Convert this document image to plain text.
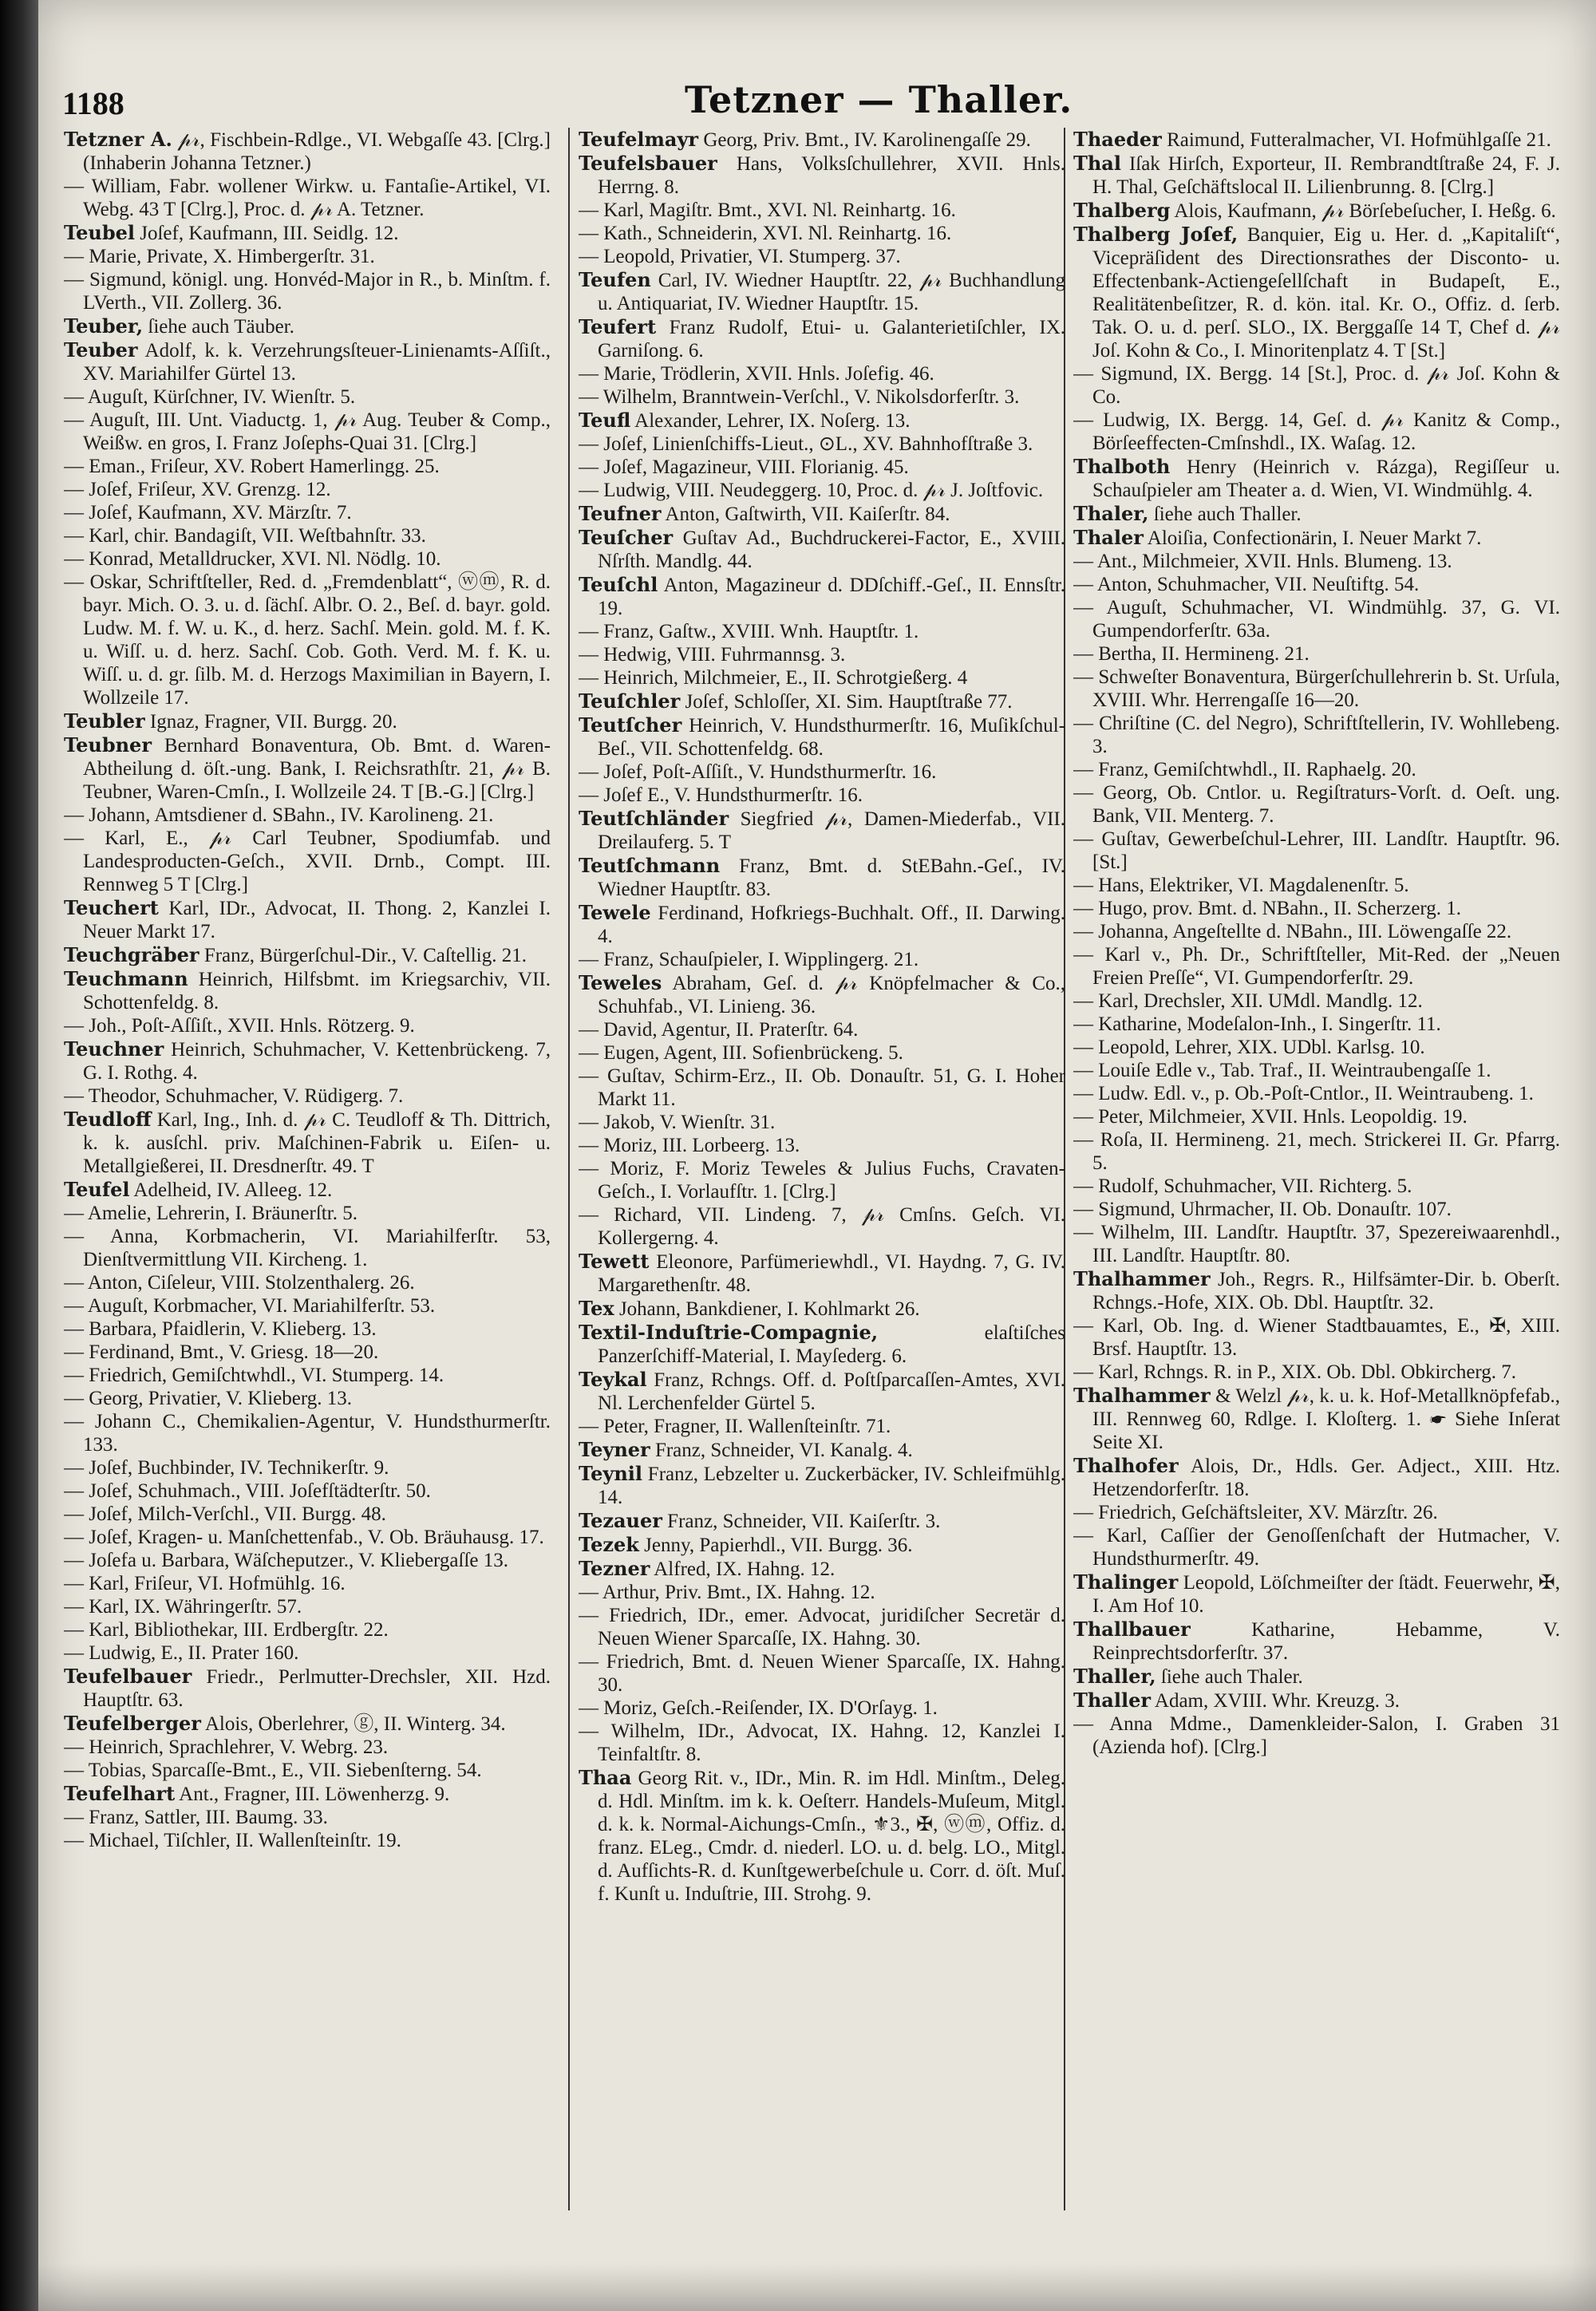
1188	Tetzner — Thaller.

Tetzner A. 𝓅𝓇, Fischbein-Rdlge., VI. Webgaſſe 43. [Clrg.] (Inhaberin Johanna Tetzner.)

— William, Fabr. wollener Wirkw. u. Fantaſie-Artikel, VI. Webg. 43 T [Clrg.], Proc. d. 𝓅𝓇 A. Tetzner.

Teubel Joſef, Kaufmann, III. Seidlg. 12.

— Marie, Private, X. Himbergerſtr. 31.

— Sigmund, königl. ung. Honvéd-Major in R., b. Minſtm. f. LVerth., VII. Zollerg. 36.

Teuber, ſiehe auch Täuber.

Teuber Adolf, k. k. Verzehrungsſteuer-Linienamts-Aſſiſt., XV. Mariahilfer Gürtel 13.

— Auguſt, Kürſchner, IV. Wienſtr. 5.

— Auguſt, III. Unt. Viaductg. 1, 𝓅𝓇 Aug. Teuber & Comp., Weißw. en gros, I. Franz Joſephs-Quai 31. [Clrg.]

— Eman., Friſeur, XV. Robert Hamerlingg. 25.

— Joſef, Friſeur, XV. Grenzg. 12.

— Joſef, Kaufmann, XV. Märzſtr. 7.

— Karl, chir. Bandagiſt, VII. Weſtbahnſtr. 33.

— Konrad, Metalldrucker, XVI. Nl. Nödlg. 10.

— Oskar, Schriftſteller, Red. d. „Fremdenblatt“, ⓦⓜ, R. d. bayr. Mich. O. 3. u. d. ſächſ. Albr. O. 2., Beſ. d. bayr. gold. Ludw. M. f. W. u. K., d. herz. Sachſ. Mein. gold. M. f. K. u. Wiſſ. u. d. herz. Sachſ. Cob. Goth. Verd. M. f. K. u. Wiſſ. u. d. gr. ſilb. M. d. Herzogs Maximilian in Bayern, I. Wollzeile 17.

Teubler Ignaz, Fragner, VII. Burgg. 20.

Teubner Bernhard Bonaventura, Ob. Bmt. d. Waren-Abtheilung d. öſt.-ung. Bank, I. Reichsrathſtr. 21, 𝓅𝓇 B. Teubner, Waren-Cmſn., I. Wollzeile 24. T [B.-G.] [Clrg.]

— Johann, Amtsdiener d. SBahn., IV. Karolineng. 21.

— Karl, E., 𝓅𝓇 Carl Teubner, Spodiumfab. und Landesproducten-Geſch., XVII. Drnb., Compt. III. Rennweg 5 T [Clrg.]

Teuchert Karl, IDr., Advocat, II. Thong. 2, Kanzlei I. Neuer Markt 17.

Teuchgräber Franz, Bürgerſchul-Dir., V. Caſtellig. 21.

Teuchmann Heinrich, Hilfsbmt. im Kriegsarchiv, VII. Schottenfeldg. 8.

— Joh., Poſt-Aſſiſt., XVII. Hnls. Rötzerg. 9.

Teuchner Heinrich, Schuhmacher, V. Kettenbrückeng. 7, G. I. Rothg. 4.

— Theodor, Schuhmacher, V. Rüdigerg. 7.

Teudloff Karl, Ing., Inh. d. 𝓅𝓇 C. Teudloff & Th. Dittrich, k. k. ausſchl. priv. Maſchinen-Fabrik u. Eiſen- u. Metallgießerei, II. Dresdnerſtr. 49. T

Teufel Adelheid, IV. Alleeg. 12.

— Amelie, Lehrerin, I. Bräunerſtr. 5.

— Anna, Korbmacherin, VI. Mariahilferſtr. 53, Dienſtvermittlung VII. Kircheng. 1.

— Anton, Ciſeleur, VIII. Stolzenthalerg. 26.

— Auguſt, Korbmacher, VI. Mariahilferſtr. 53.

— Barbara, Pfaidlerin, V. Klieberg. 13.

— Ferdinand, Bmt., V. Griesg. 18—20.

— Friedrich, Gemiſchtwhdl., VI. Stumperg. 14.

— Georg, Privatier, V. Klieberg. 13.

— Johann C., Chemikalien-Agentur, V. Hundsthurmerſtr. 133.

— Joſef, Buchbinder, IV. Technikerſtr. 9.

— Joſef, Schuhmach., VIII. Joſefſtädterſtr. 50.

— Joſef, Milch-Verſchl., VII. Burgg. 48.

— Joſef, Kragen- u. Manſchettenfab., V. Ob. Bräuhausg. 17.

— Joſefa u. Barbara, Wäſcheputzer., V. Kliebergaſſe 13.

— Karl, Friſeur, VI. Hofmühlg. 16.

— Karl, IX. Währingerſtr. 57.

— Karl, Bibliothekar, III. Erdbergſtr. 22.

— Ludwig, E., II. Prater 160.

Teufelbauer Friedr., Perlmutter-Drechsler, XII. Hzd. Hauptſtr. 63.

Teufelberger Alois, Oberlehrer, ⓖ, II. Winterg. 34.

— Heinrich, Sprachlehrer, V. Webrg. 23.

— Tobias, Sparcaſſe-Bmt., E., VII. Siebenſterng. 54.

Teufelhart Ant., Fragner, III. Löwenherzg. 9.

— Franz, Sattler, III. Baumg. 33.

— Michael, Tiſchler, II. Wallenſteinſtr. 19.

Teufelmayr Georg, Priv. Bmt., IV. Karolinengaſſe 29.

Teufelsbauer Hans, Volksſchullehrer, XVII. Hnls. Herrng. 8.

— Karl, Magiſtr. Bmt., XVI. Nl. Reinhartg. 16.

— Kath., Schneiderin, XVI. Nl. Reinhartg. 16.

— Leopold, Privatier, VI. Stumperg. 37.

Teufen Carl, IV. Wiedner Hauptſtr. 22, 𝓅𝓇 Buchhandlung u. Antiquariat, IV. Wiedner Hauptſtr. 15.

Teufert Franz Rudolf, Etui- u. Galanterietiſchler, IX. Garniſong. 6.

— Marie, Trödlerin, XVII. Hnls. Joſefig. 46.

— Wilhelm, Branntwein-Verſchl., V. Nikolsdorferſtr. 3.

Teufl Alexander, Lehrer, IX. Noſerg. 13.

— Joſef, Linienſchiffs-Lieut., ⊙L., XV. Bahnhofſtraße 3.

— Joſef, Magazineur, VIII. Florianig. 45.

— Ludwig, VIII. Neudeggerg. 10, Proc. d. 𝓅𝓇 J. Joſtfovic.

Teufner Anton, Gaſtwirth, VII. Kaiſerſtr. 84.

Teuſcher Guſtav Ad., Buchdruckerei-Factor, E., XVIII. Nſrſth. Mandlg. 44.

Teuſchl Anton, Magazineur d. DDſchiff.-Geſ., II. Ennsſtr. 19.

— Franz, Gaſtw., XVIII. Wnh. Hauptſtr. 1.

— Hedwig, VIII. Fuhrmannsg. 3.

— Heinrich, Milchmeier, E., II. Schrotgießerg. 4

Teuſchler Joſef, Schloſſer, XI. Sim. Hauptſtraße 77.

Teutſcher Heinrich, V. Hundsthurmerſtr. 16, Muſikſchul-Beſ., VII. Schottenfeldg. 68.

— Joſef, Poſt-Aſſiſt., V. Hundsthurmerſtr. 16.

— Joſef E., V. Hundsthurmerſtr. 16.

Teutſchländer Siegfried 𝓅𝓇, Damen-Miederfab., VII. Dreilauferg. 5. T

Teutſchmann Franz, Bmt. d. StEBahn.-Geſ., IV. Wiedner Hauptſtr. 83.

Tewele Ferdinand, Hofkriegs-Buchhalt. Off., II. Darwing. 4.

— Franz, Schauſpieler, I. Wipplingerg. 21.

Teweles Abraham, Geſ. d. 𝓅𝓇 Knöpfelmacher & Co., Schuhfab., VI. Linieng. 36.

— David, Agentur, II. Praterſtr. 64.

— Eugen, Agent, III. Sofienbrückeng. 5.

— Guſtav, Schirm-Erz., II. Ob. Donauſtr. 51, G. I. Hoher Markt 11.

— Jakob, V. Wienſtr. 31.

— Moriz, III. Lorbeerg. 13.

— Moriz, F. Moriz Teweles & Julius Fuchs, Cravaten-Geſch., I. Vorlaufſtr. 1. [Clrg.]

— Richard, VII. Lindeng. 7, 𝓅𝓇 Cmſns. Geſch. VI. Kollergerng. 4.

Tewett Eleonore, Parfümeriewhdl., VI. Haydng. 7, G. IV. Margarethenſtr. 48.

Tex Johann, Bankdiener, I. Kohlmarkt 26.

Textil-Induſtrie-Compagnie,	elaſtiſches Panzerſchiff-Material, I. Mayſederg. 6.

Teykal Franz, Rchngs. Off. d. Poſtſparcaſſen-Amtes, XVI. Nl. Lerchenfelder Gürtel 5.

— Peter, Fragner, II. Wallenſteinſtr. 71.

Teyner Franz, Schneider, VI. Kanalg. 4.

Teynil Franz, Lebzelter u. Zuckerbäcker, IV. Schleifmühlg. 14.

Tezauer Franz, Schneider, VII. Kaiſerſtr. 3.

Tezek Jenny, Papierhdl., VII. Burgg. 36.

Tezner Alfred, IX. Hahng. 12.

— Arthur, Priv. Bmt., IX. Hahng. 12.

— Friedrich, IDr., emer. Advocat, juridiſcher Secretär d. Neuen Wiener Sparcaſſe, IX. Hahng. 30.

— Friedrich, Bmt. d. Neuen Wiener Sparcaſſe, IX. Hahng. 30.

— Moriz, Geſch.-Reiſender, IX. D'Orſayg. 1.

— Wilhelm, IDr., Advocat, IX. Hahng. 12, Kanzlei I. Teinfaltſtr. 8.

Thaa Georg Rit. v., IDr., Min. R. im Hdl. Minſtm., Deleg. d. Hdl. Minſtm. im k. k. Oeſterr. Handels-Muſeum, Mitgl. d. k. k. Normal-Aichungs-Cmſn., ⚜3., ✠, ⓦⓜ, Offiz. d. franz. ELeg., Cmdr. d. niederl. LO. u. d. belg. LO., Mitgl. d. Aufſichts-R. d. Kunſtgewerbeſchule u. Corr. d. öſt. Muſ. f. Kunſt u. Induſtrie, III. Strohg. 9.

Thaeder Raimund, Futteralmacher, VI. Hofmühlgaſſe 21.

Thal Iſak Hirſch, Exporteur, II. Rembrandtſtraße 24, F. J. H. Thal, Geſchäftslocal II. Lilienbrunng. 8. [Clrg.]

Thalberg Alois, Kaufmann, 𝓅𝓇 Börſebeſucher, I. Heßg. 6.

Thalberg Joſef, Banquier, Eig u. Her. d. „Kapitaliſt“, Vicepräſident des Directionsrathes der Disconto- u. Effectenbank-Actiengeſellſchaft in Budapeſt, E., Realitätenbeſitzer, R. d. kön. ital. Kr. O., Offiz. d. ſerb. Tak. O. u. d. perſ. SLO., IX. Berggaſſe 14 T, Chef d. 𝓅𝓇 Joſ. Kohn & Co., I. Minoritenplatz 4. T [St.]

— Sigmund, IX. Bergg. 14 [St.], Proc. d. 𝓅𝓇 Joſ. Kohn & Co.

— Ludwig, IX. Bergg. 14, Geſ. d. 𝓅𝓇 Kanitz & Comp., Börſeeffecten-Cmſnshdl., IX. Waſag. 12.

Thalboth Henry (Heinrich v. Rázga), Regiſſeur u. Schauſpieler am Theater a. d. Wien, VI. Windmühlg. 4.

Thaler, ſiehe auch Thaller.

Thaler Aloiſia, Confectionärin, I. Neuer Markt 7.

— Ant., Milchmeier, XVII. Hnls. Blumeng. 13.

— Anton, Schuhmacher, VII. Neuſtiftg. 54.

— Auguſt, Schuhmacher, VI. Windmühlg. 37, G. VI. Gumpendorferſtr. 63a.

— Bertha, II. Hermineng. 21.

— Schweſter Bonaventura, Bürgerſchullehrerin b. St. Urſula, XVIII. Whr. Herrengaſſe 16—20.

— Chriſtine (C. del Negro), Schriftſtellerin, IV. Wohllebeng. 3.

— Franz, Gemiſchtwhdl., II. Raphaelg. 20.

— Georg, Ob. Cntlor. u. Regiſtraturs-Vorſt. d. Oeſt. ung. Bank, VII. Menterg. 7.

— Guſtav, Gewerbeſchul-Lehrer, III. Landſtr. Hauptſtr. 96. [St.]

— Hans, Elektriker, VI. Magdalenenſtr. 5.

— Hugo, prov. Bmt. d. NBahn., II. Scherzerg. 1.

— Johanna, Angeſtellte d. NBahn., III. Löwengaſſe 22.

— Karl v., Ph. Dr., Schriftſteller, Mit-Red. der „Neuen Freien Preſſe“, VI. Gumpendorferſtr. 29.

— Karl, Drechsler, XII. UMdl. Mandlg. 12.

— Katharine, Modeſalon-Inh., I. Singerſtr. 11.

— Leopold, Lehrer, XIX. UDbl. Karlsg. 10.

— Louiſe Edle v., Tab. Traf., II. Weintraubengaſſe 1.

— Ludw. Edl. v., p. Ob.-Poſt-Cntlor., II. Weintraubeng. 1.

— Peter, Milchmeier, XVII. Hnls. Leopoldig. 19.

— Roſa, II. Hermineng. 21, mech. Strickerei II. Gr. Pfarrg. 5.

— Rudolf, Schuhmacher, VII. Richterg. 5.

— Sigmund, Uhrmacher, II. Ob. Donauſtr. 107.

— Wilhelm, III. Landſtr. Hauptſtr. 37, Spezereiwaarenhdl., III. Landſtr. Hauptſtr. 80.

Thalhammer Joh., Regrs. R., Hilfsämter-Dir. b. Oberſt. Rchngs.-Hofe, XIX. Ob. Dbl. Hauptſtr. 32.

— Karl, Ob. Ing. d. Wiener Stadtbauamtes, E., ✠, XIII. Brsf. Hauptſtr. 13.

— Karl, Rchngs. R. in P., XIX. Ob. Dbl. Obkircherg. 7.

Thalhammer & Welzl 𝓅𝓇, k. u. k. Hof-Metallknöpfefab., III. Rennweg 60, Rdlge. I. Kloſterg. 1. ☛ Siehe Inſerat Seite XI.

Thalhofer Alois, Dr., Hdls. Ger. Adject., XIII. Htz. Hetzendorferſtr. 18.

— Friedrich, Geſchäftsleiter, XV. Märzſtr. 26.

— Karl, Caſſier der Genoſſenſchaft der Hutmacher, V. Hundsthurmerſtr. 49.

Thalinger Leopold, Löſchmeiſter der ſtädt. Feuerwehr, ✠, I. Am Hof 10.

Thallbauer	Katharine, Hebamme, V. Reinprechtsdorferſtr. 37.

Thaller, ſiehe auch Thaler.

Thaller Adam, XVIII. Whr. Kreuzg. 3.

— Anna Mdme., Damenkleider-Salon, I. Graben 31 (Azienda hof). [Clrg.]
